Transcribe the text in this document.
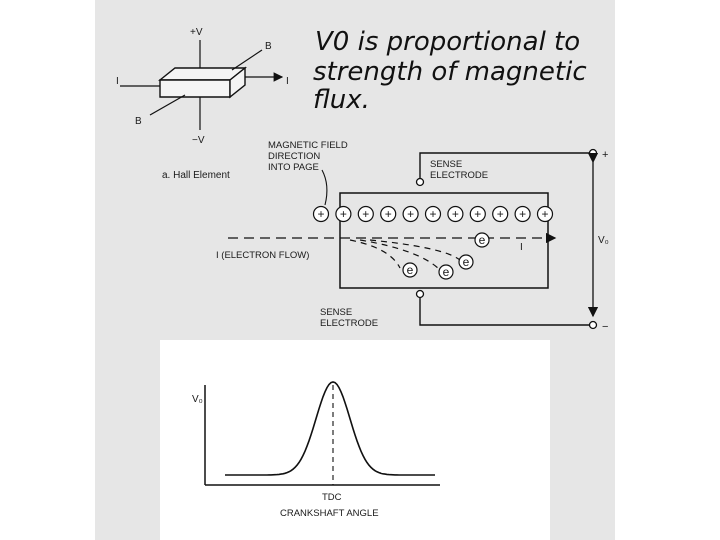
V0 is proportional to
strength of magnetic
flux.
+V
−V
B
B
I	I
a. Hall Element
MAGNETIC FIELD
DIRECTION
INTO PAGE
+
−
V₀
SENSE
ELECTRODE
SENSE
ELECTRODE
+ + + + + + + + + + +
I (ELECTRON FLOW)
I
e
e
e
e
V₀
TDC
CRANKSHAFT ANGLE
